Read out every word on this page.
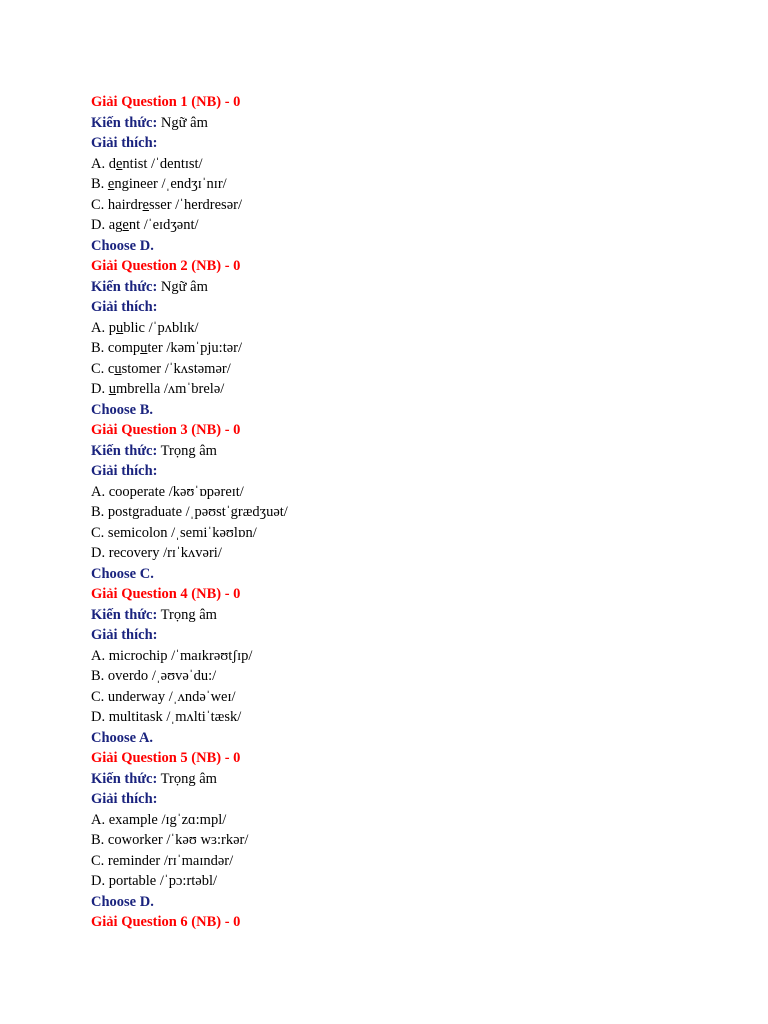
Giải Question 1 (NB) - 0
Kiến thức: Ngữ âm
Giải thích:
A. dentist /ˈdentɪst/
B. engineer /ˌendʒɪˈnɪr/
C. hairdresser /ˈherdresər/
D. agent /ˈeɪdʒənt/
Choose D.
Giải Question 2 (NB) - 0
Kiến thức: Ngữ âm
Giải thích:
A. public /ˈpʌblɪk/
B. computer /kəmˈpju:tər/
C. customer /ˈkʌstəmər/
D. umbrella /ʌmˈbrelə/
Choose B.
Giải Question 3 (NB) - 0
Kiến thức: Trọng âm
Giải thích:
A. cooperate /kəʊˈɒpəreɪt/
B. postgraduate /ˌpəʊstˈgrædʒuət/
C. semicolon /ˌsemiˈkəʊlɒn/
D. recovery /rɪˈkʌvəri/
Choose C.
Giải Question 4 (NB) - 0
Kiến thức: Trọng âm
Giải thích:
A. microchip /ˈmaɪkrəʊtʃɪp/
B. overdo /ˌəʊvəˈdu:/
C. underway /ˌʌndəˈweɪ/
D. multitask /ˌmʌltiˈtæsk/
Choose A.
Giải Question 5 (NB) - 0
Kiến thức: Trọng âm
Giải thích:
A. example /ɪgˈzɑ:mpl/
B. coworker /ˈkəʊ wɜ:rkər/
C. reminder /rɪˈmaɪndər/
D. portable /ˈpɔ:rtəbl/
Choose D.
Giải Question 6 (NB) - 0
